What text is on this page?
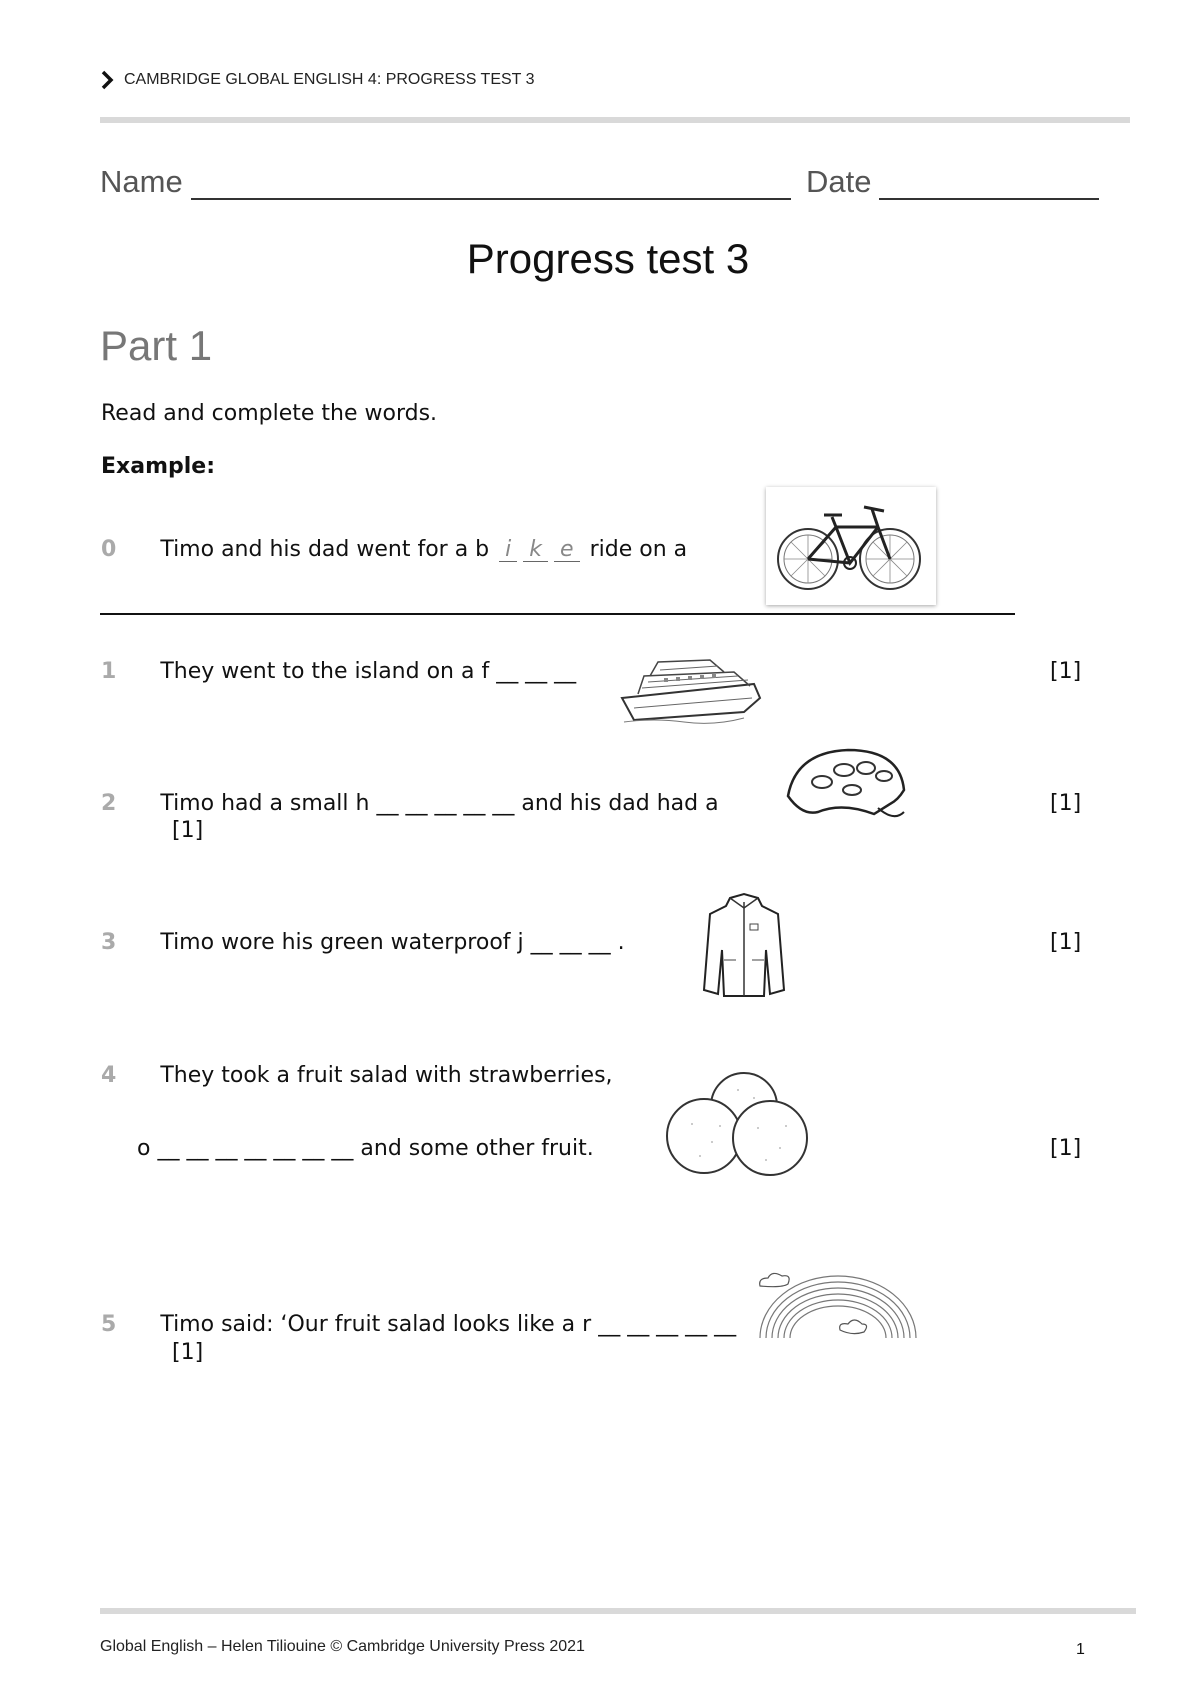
CAMBRIDGE GLOBAL ENGLISH 4: PROGRESS TEST 3
Name	Date
Progress test 3
Part 1
Read and complete the words.
Example:
0 Timo and his dad went for a b i k e ride on a
1 They went to the island on a f __ __ __	[1]
2 Timo had a small h __ __ __ __ __ and his dad had a
[1]
[1]
3 Timo wore his green waterproof j __ __ __ .	[1]
4 They took a fruit salad with strawberries,
o __ __ __ __ __ __ __ and some other fruit.	[1]
5 Timo said: ‘Our fruit salad looks like a r __ __ __ __ __
[1]
Global English – Helen Tiliouine © Cambridge University Press 2021	1
